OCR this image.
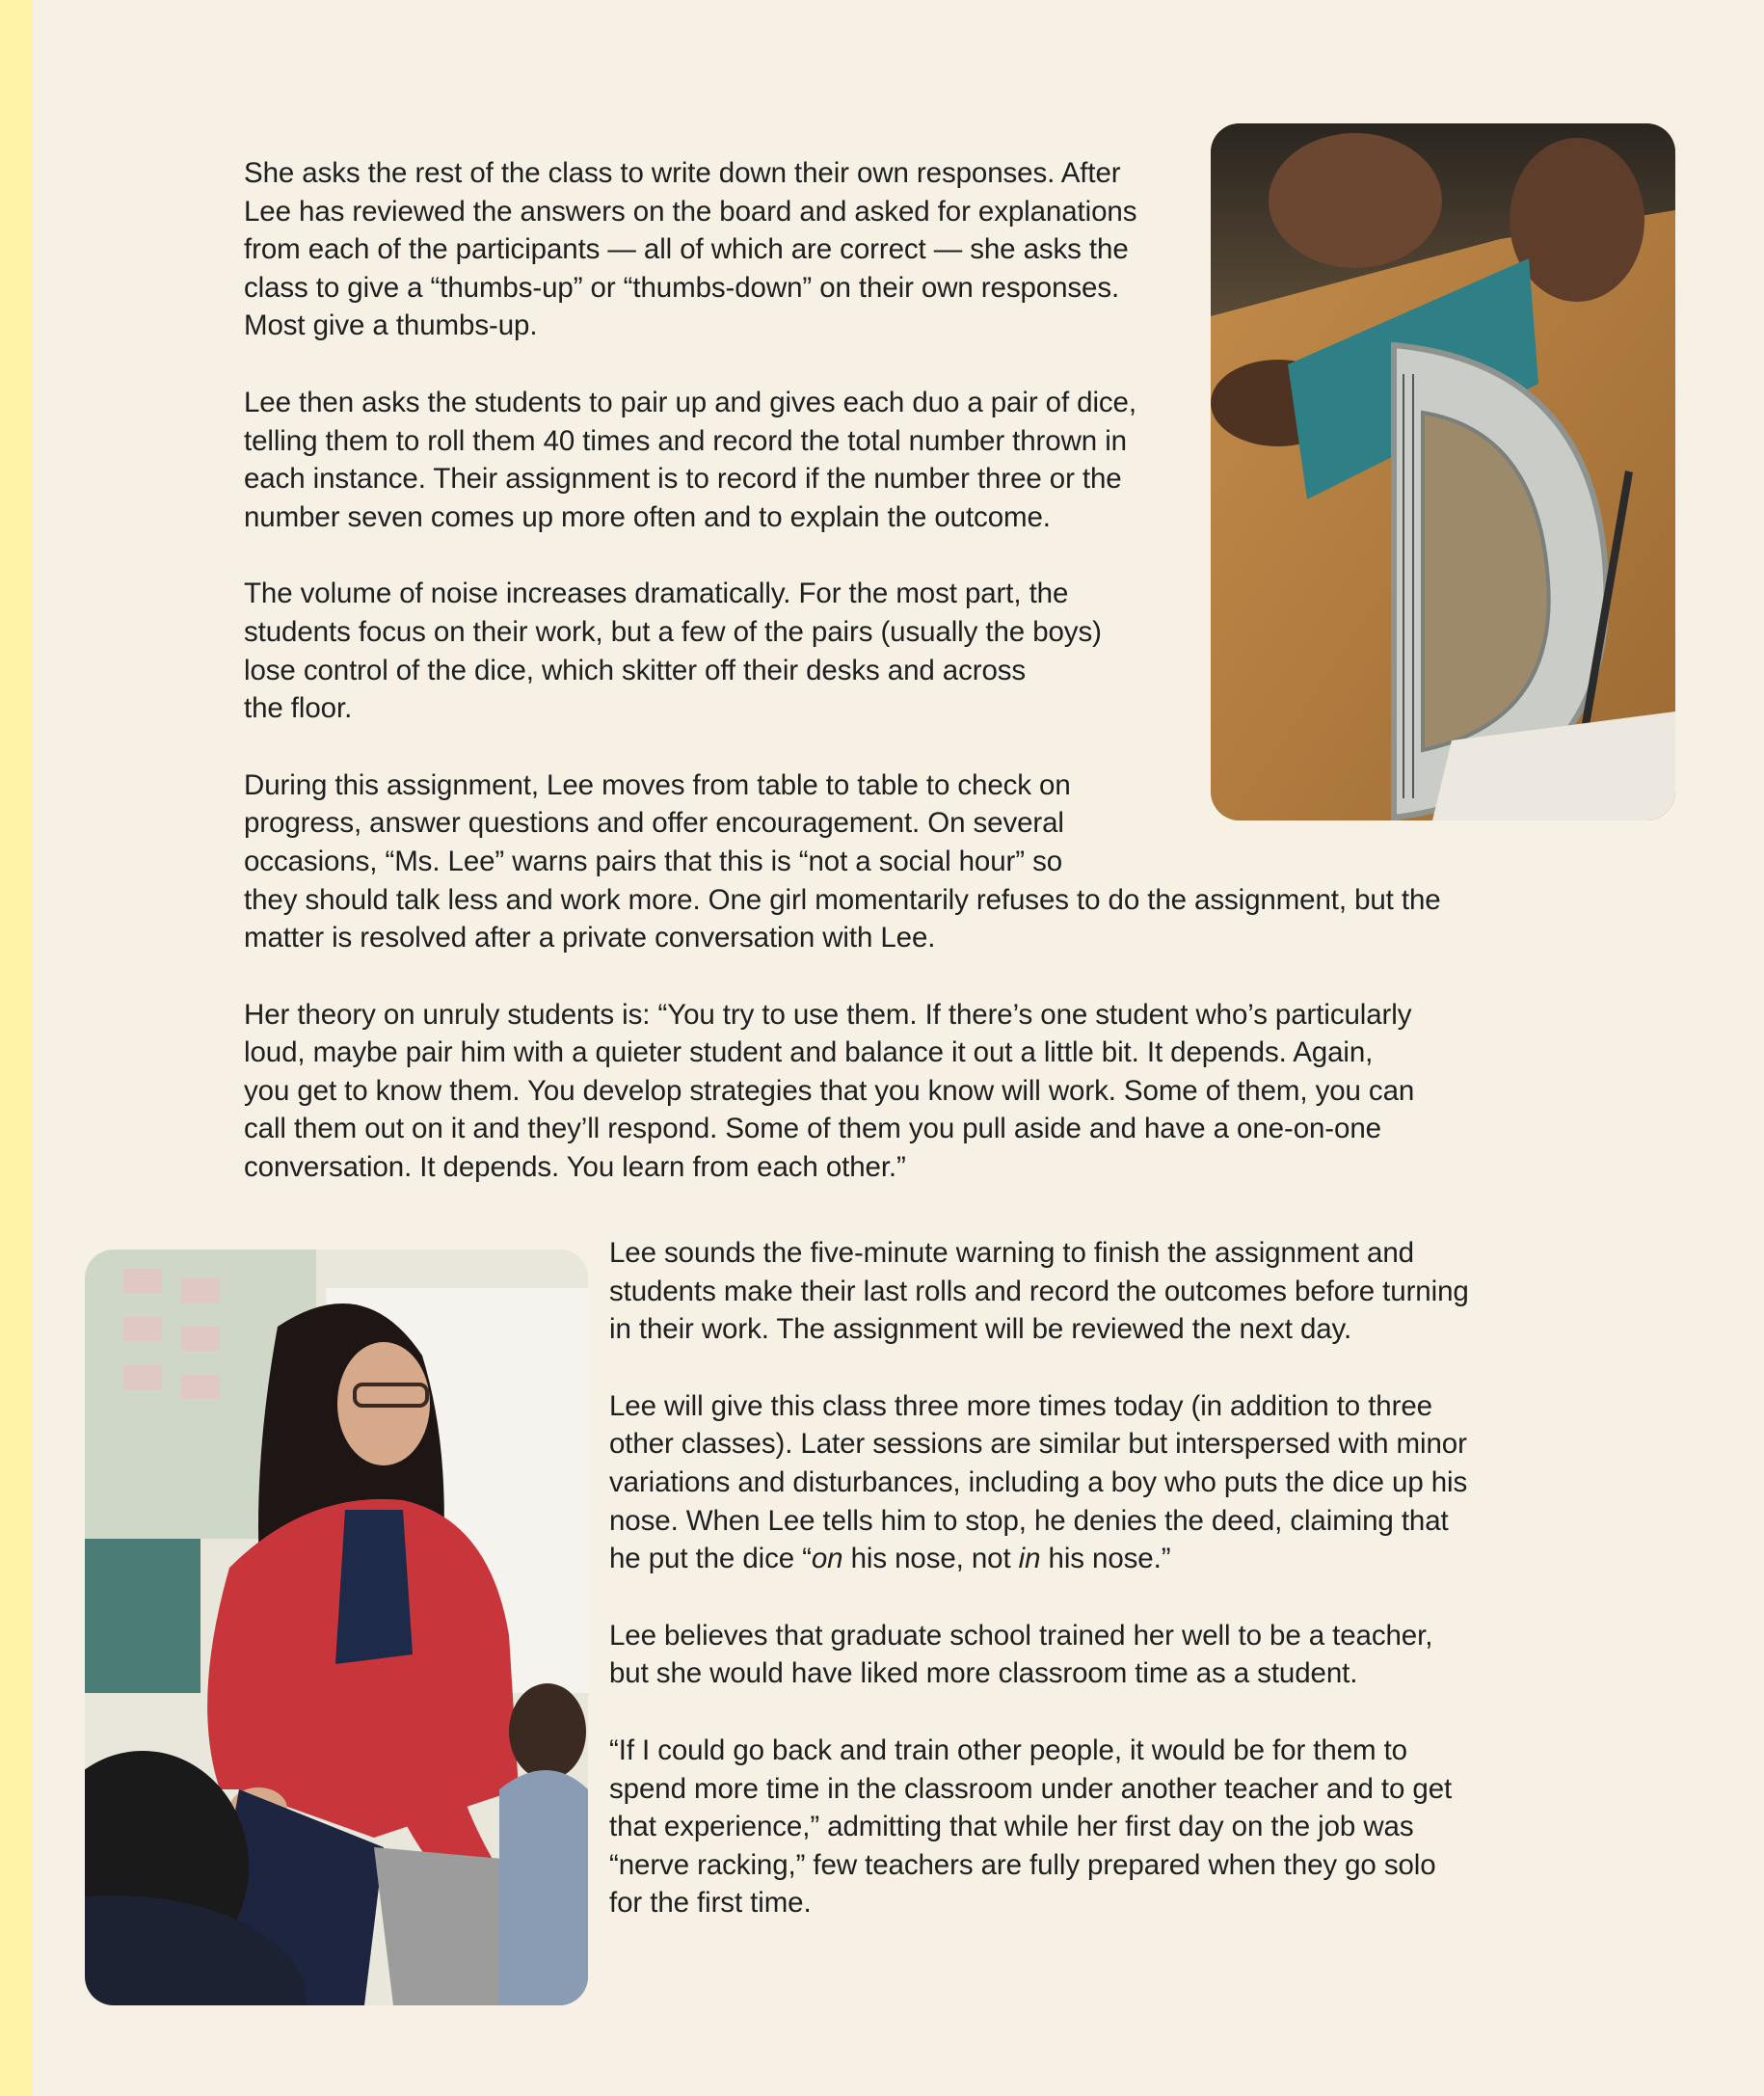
She asks the rest of the class to write down their own responses. After
Lee has reviewed the answers on the board and asked for explanations
from each of the participants — all of which are correct — she asks the
class to give a “thumbs-up” or “thumbs-down” on their own responses.
Most give a thumbs-up.

Lee then asks the students to pair up and gives each duo a pair of dice,
telling them to roll them 40 times and record the total number thrown in
each instance. Their assignment is to record if the number three or the
number seven comes up more often and to explain the outcome.

The volume of noise increases dramatically. For the most part, the
students focus on their work, but a few of the pairs (usually the boys)
lose control of the dice, which skitter off their desks and across
the floor.

During this assignment, Lee moves from table to table to check on
progress, answer questions and offer encouragement. On several
occasions, “Ms. Lee” warns pairs that this is “not a social hour” so
they should talk less and work more. One girl momentarily refuses to do the assignment, but the
matter is resolved after a private conversation with Lee.

Her theory on unruly students is: “You try to use them. If there’s one student who’s particularly
loud, maybe pair him with a quieter student and balance it out a little bit. It depends. Again,
you get to know them. You develop strategies that you know will work. Some of them, you can
call them out on it and they’ll respond. Some of them you pull aside and have a one-on-one
conversation. It depends. You learn from each other.”

Lee sounds the five-minute warning to finish the assignment and
students make their last rolls and record the outcomes before turning
in their work. The assignment will be reviewed the next day.

Lee will give this class three more times today (in addition to three
other classes). Later sessions are similar but interspersed with minor
variations and disturbances, including a boy who puts the dice up his
nose. When Lee tells him to stop, he denies the deed, claiming that
he put the dice “on his nose, not in his nose.”

Lee believes that graduate school trained her well to be a teacher,
but she would have liked more classroom time as a student.

“If I could go back and train other people, it would be for them to
spend more time in the classroom under another teacher and to get
that experience,” admitting that while her first day on the job was
“nerve racking,” few teachers are fully prepared when they go solo
for the first time.
